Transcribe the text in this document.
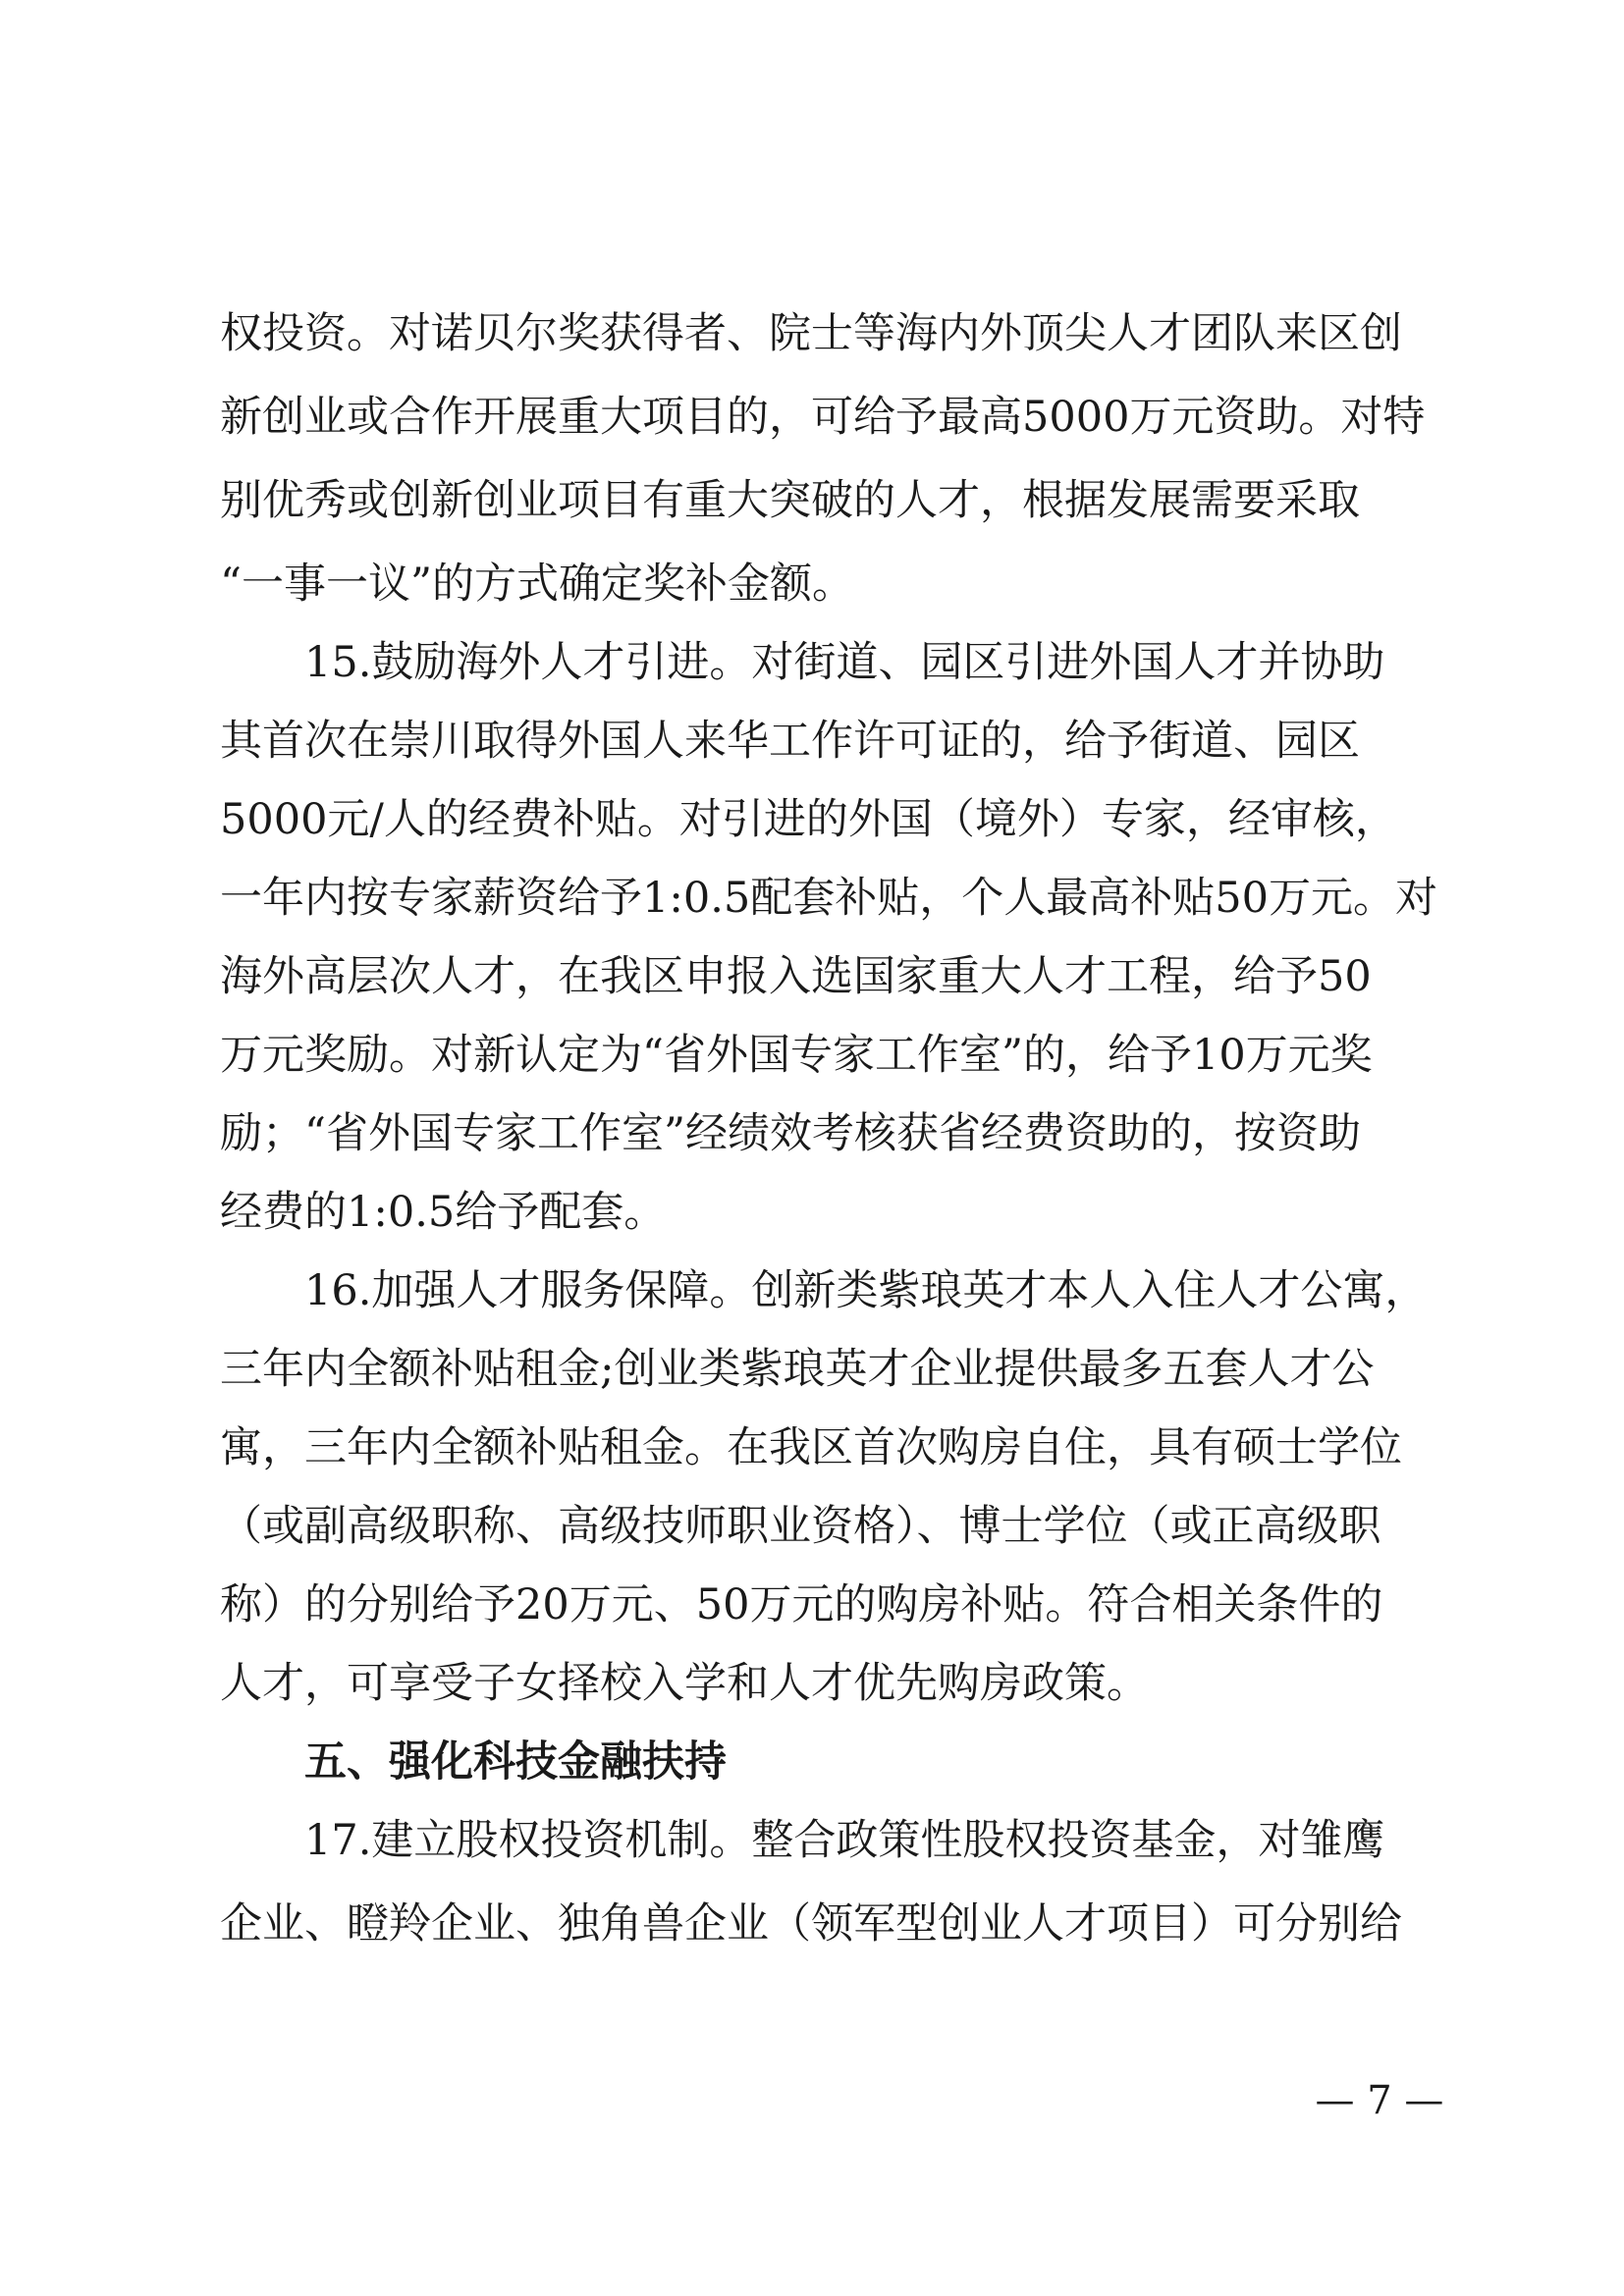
权投资。对诺贝尔奖获得者、院士等海内外顶尖人才团队来区创

新创业或合作开展重大项目的，可给予最高5000万元资助。对特

别优秀或创新创业项目有重大突破的人才，根据发展需要采取

“一事一议”的方式确定奖补金额。

15.鼓励海外人才引进。对街道、园区引进外国人才并协助

其首次在崇川取得外国人来华工作许可证的，给予街道、园区

5000元/人的经费补贴。对引进的外国（境外）专家，经审核，

一年内按专家薪资给予1:0.5配套补贴，个人最高补贴50万元。对

海外高层次人才，在我区申报入选国家重大人才工程，给予50

万元奖励。对新认定为“省外国专家工作室”的，给予10万元奖

励；“省外国专家工作室”经绩效考核获省经费资助的，按资助

经费的1:0.5给予配套。

16.加强人才服务保障。创新类紫琅英才本人入住人才公寓，

三年内全额补贴租金;创业类紫琅英才企业提供最多五套人才公

寓，三年内全额补贴租金。在我区首次购房自住，具有硕士学位

（或副高级职称、高级技师职业资格）、博士学位（或正高级职

称）的分别给予20万元、50万元的购房补贴。符合相关条件的

人才，可享受子女择校入学和人才优先购房政策。

五、强化科技金融扶持

17.建立股权投资机制。整合政策性股权投资基金，对雏鹰

企业、瞪羚企业、独角兽企业（领军型创业人才项目）可分别给

— 7 —
